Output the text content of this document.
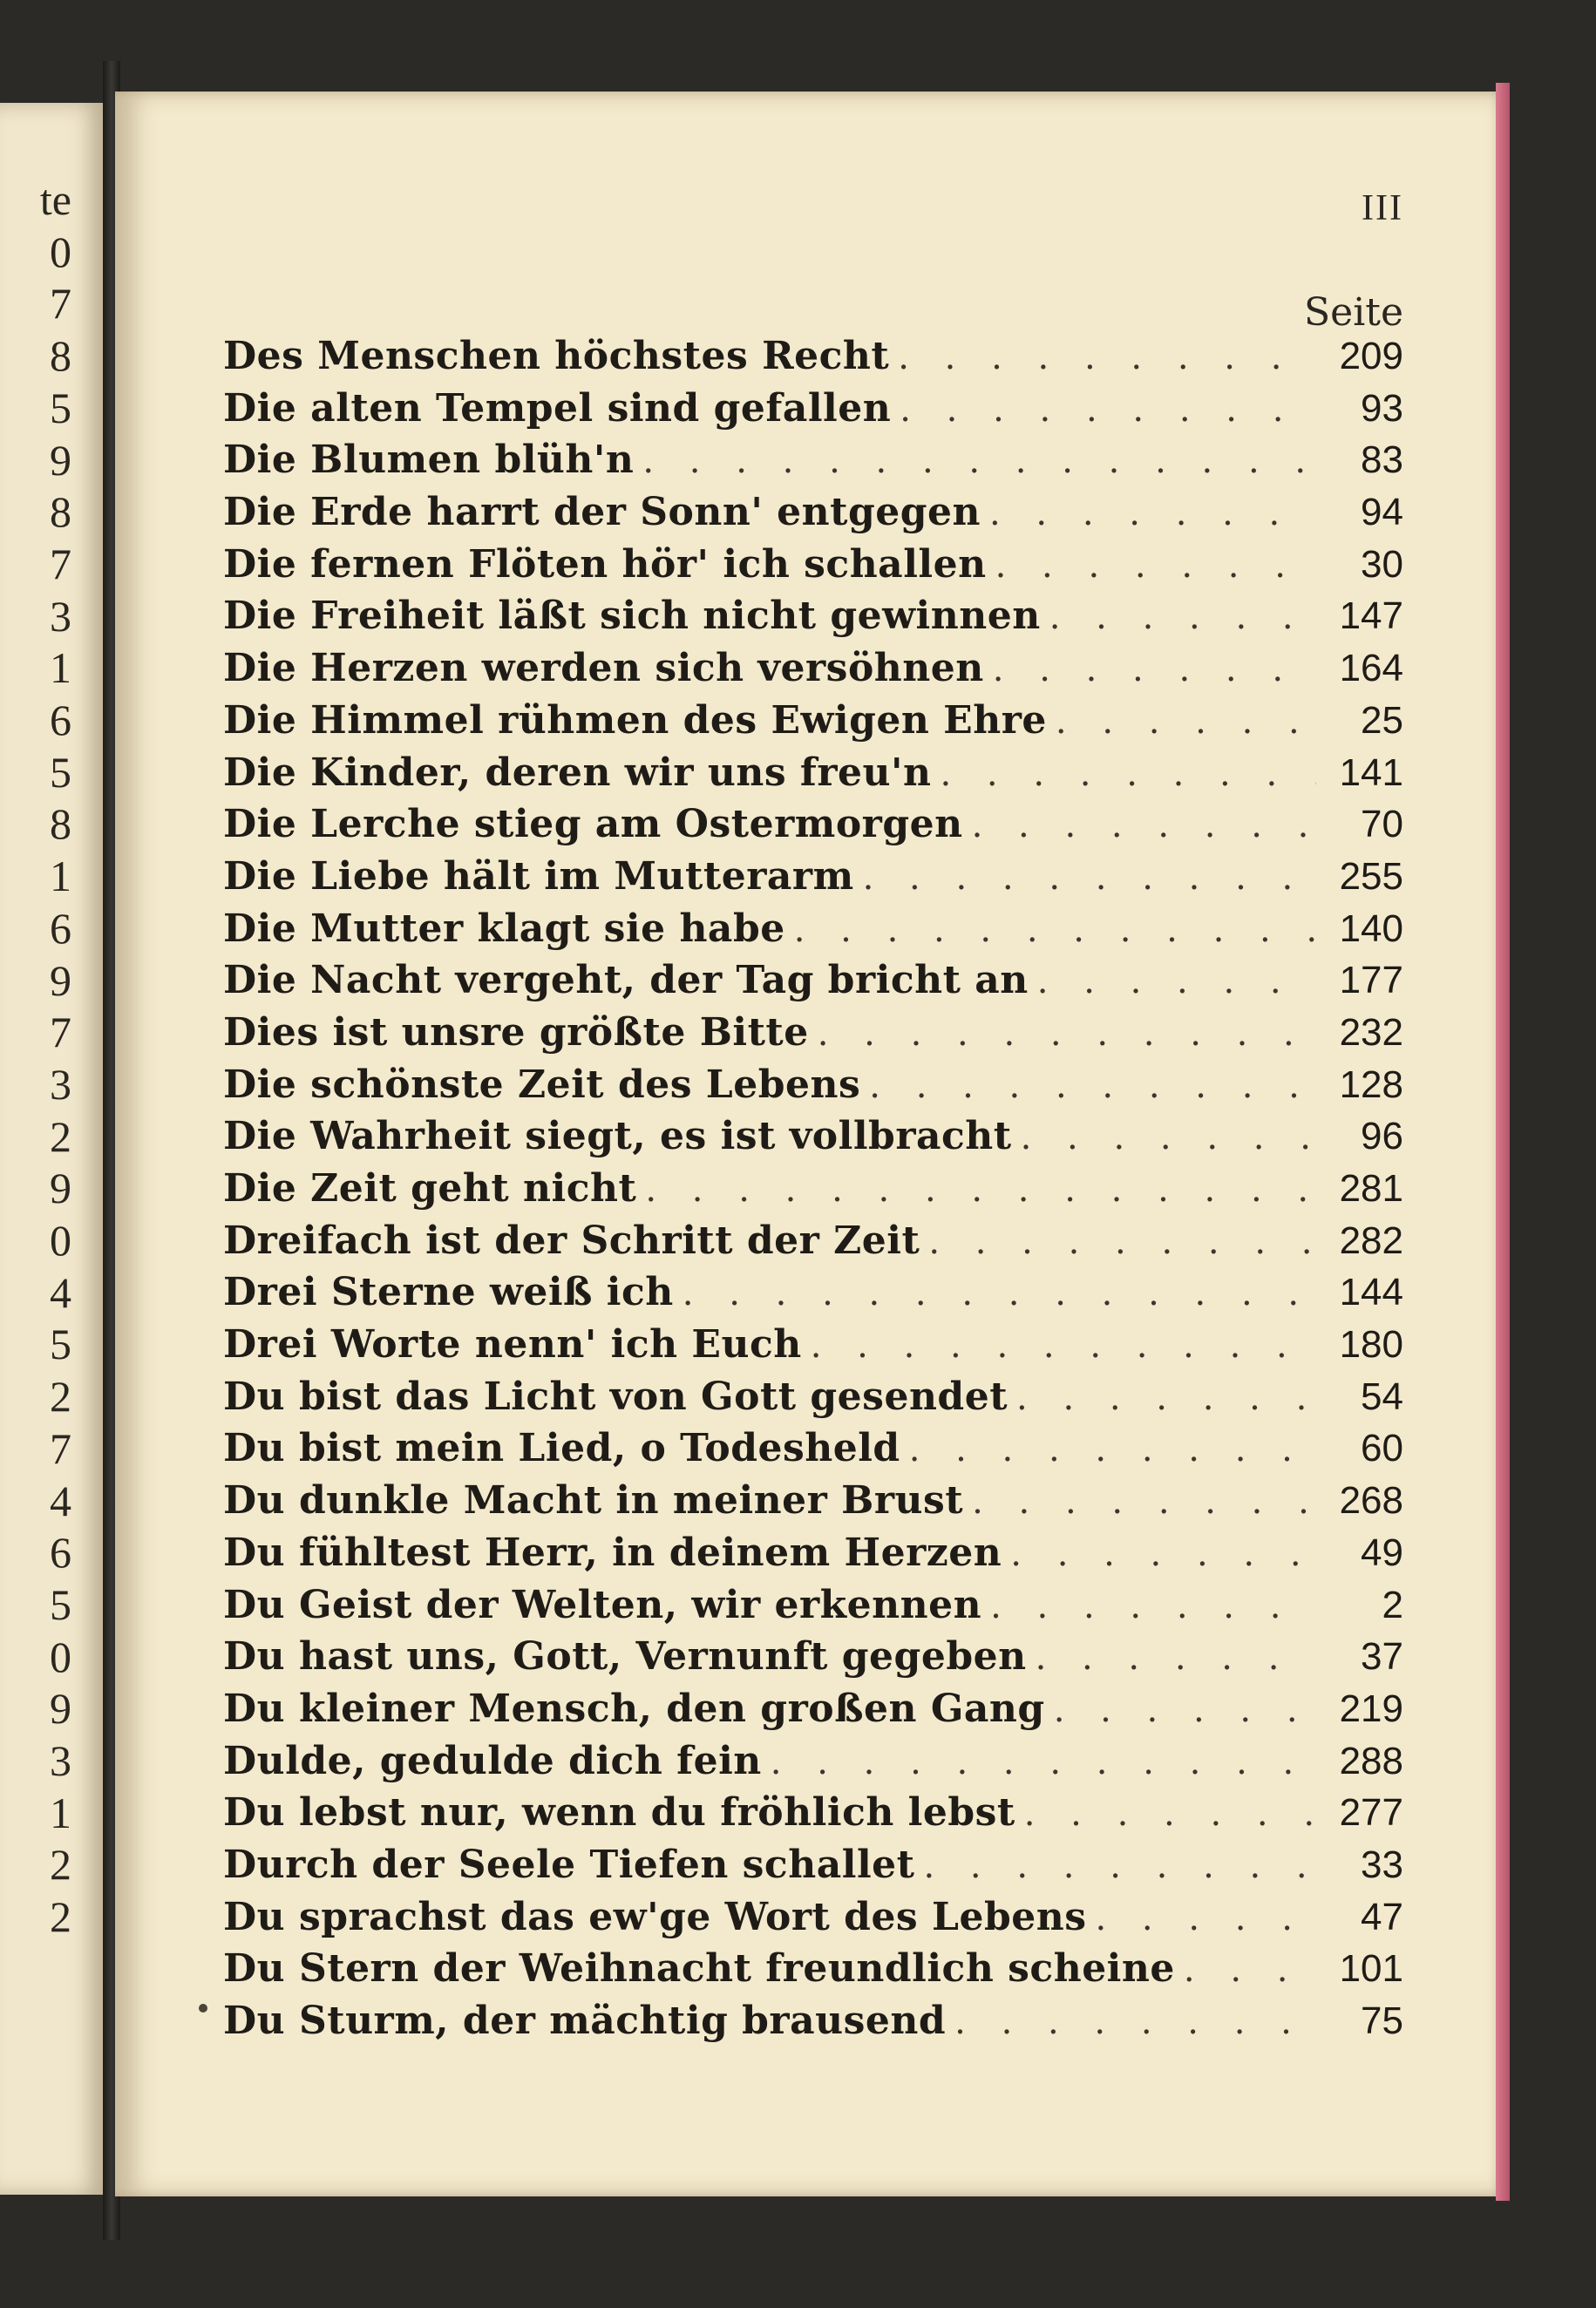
te
0
7
8
5
9
8
7
3
1
6
5
8
1
6
9
7
3
2
9
0
4
5
2
7
4
6
5
0
9
3
1
2
2
III
Seite
Des Menschen höchstes Recht . . .	209
Die alten Tempel sind gefallen . . .	93
Die Blumen blüh'n . . .	83
Die Erde harrt der Sonn' entgegen . . .	94
Die fernen Flöten hör' ich schallen . . .	30
Die Freiheit läßt sich nicht gewinnen . . .	147
Die Herzen werden sich versöhnen . . .	164
Die Himmel rühmen des Ewigen Ehre . . .	25
Die Kinder, deren wir uns freu'n . . .	141
Die Lerche stieg am Ostermorgen . . .	70
Die Liebe hält im Mutterarm . . .	255
Die Mutter klagt sie habe . . .	140
Die Nacht vergeht, der Tag bricht an . . .	177
Dies ist unsre größte Bitte . . .	232
Die schönste Zeit des Lebens . . .	128
Die Wahrheit siegt, es ist vollbracht . . .	96
Die Zeit geht nicht . . .	281
Dreifach ist der Schritt der Zeit . . .	282
Drei Sterne weiß ich . . .	144
Drei Worte nenn' ich Euch . . .	180
Du bist das Licht von Gott gesendet . . .	54
Du bist mein Lied, o Todesheld . . .	60
Du dunkle Macht in meiner Brust . . .	268
Du fühltest Herr, in deinem Herzen . . .	49
Du Geist der Welten, wir erkennen . . .	2
Du hast uns, Gott, Vernunft gegeben . . .	37
Du kleiner Mensch, den großen Gang . . .	219
Dulde, gedulde dich fein . . .	288
Du lebst nur, wenn du fröhlich lebst . . .	277
Durch der Seele Tiefen schallet . . .	33
Du sprachst das ew'ge Wort des Lebens . . .	47
Du Stern der Weihnacht freundlich scheine . . .	101
Du Sturm, der mächtig brausend . . .	75
